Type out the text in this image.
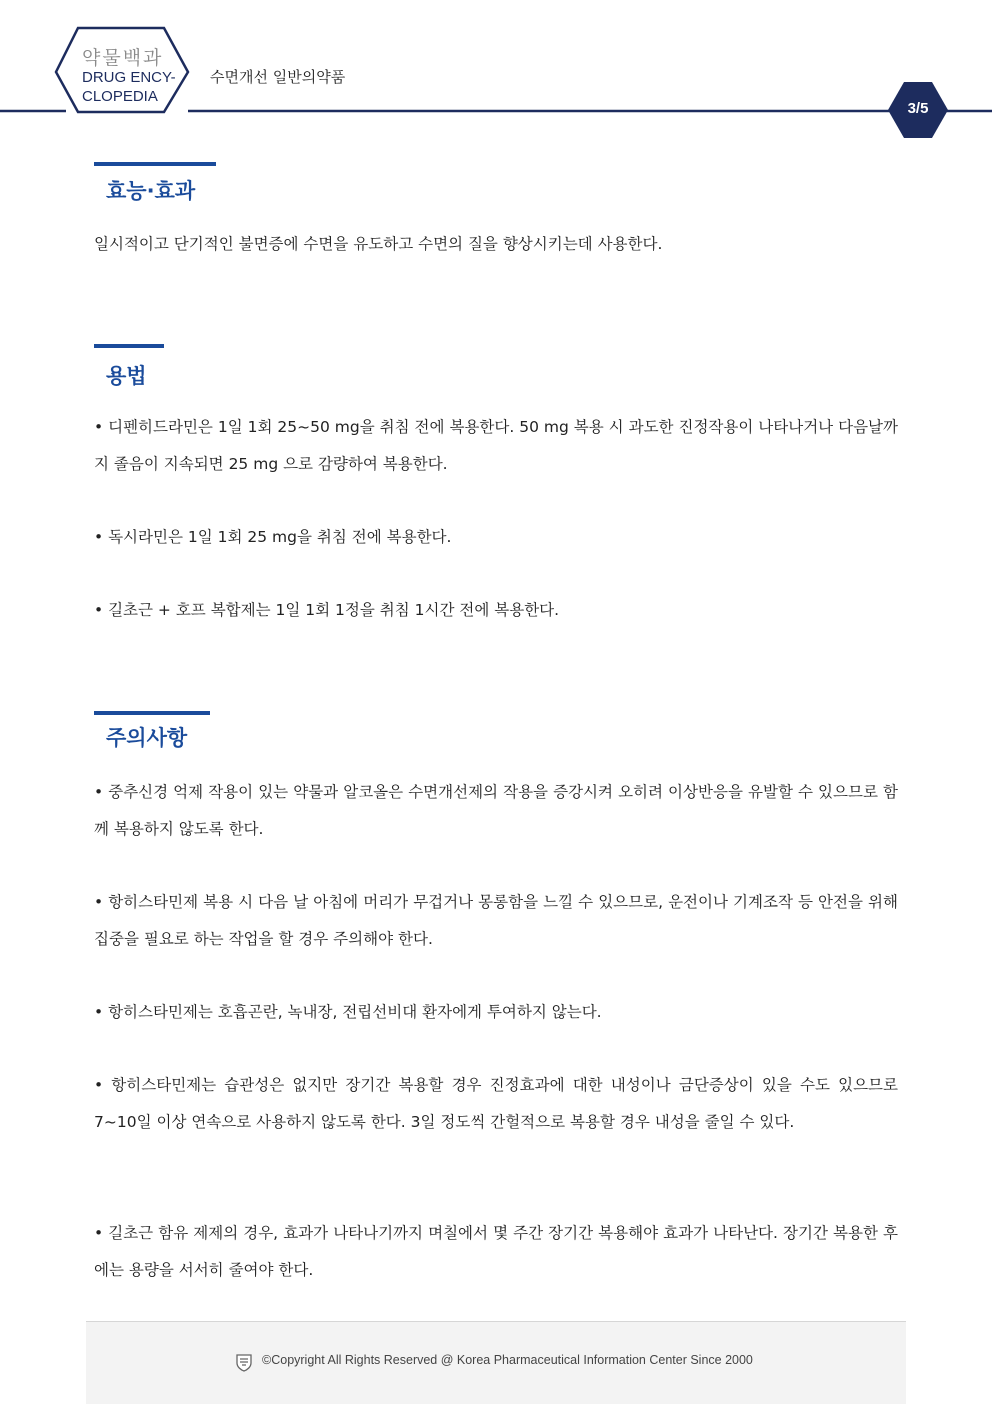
약물백과
DRUG ENCY-
CLOPEDIA
수면개선 일반의약품
3/5
효능·효과
일시적이고 단기적인 불면증에 수면을 유도하고 수면의 질을 향상시키는데 사용한다.
용법
• 디펜히드라민은 1일 1회 25~50 mg을 취침 전에 복용한다. 50 mg 복용 시 과도한 진정작용이 나타나거나 다음날까지 졸음이 지속되면 25 mg 으로 감량하여 복용한다.
• 독시라민은 1일 1회 25 mg을 취침 전에 복용한다.
• 길초근 + 호프 복합제는 1일 1회 1정을 취침 1시간 전에 복용한다.
주의사항
• 중추신경 억제 작용이 있는 약물과 알코올은 수면개선제의 작용을 증강시켜 오히려 이상반응을 유발할 수 있으므로 함께 복용하지 않도록 한다.
• 항히스타민제 복용 시 다음 날 아침에 머리가 무겁거나 몽롱함을 느낄 수 있으므로, 운전이나 기계조작 등 안전을 위해 집중을 필요로 하는 작업을 할 경우 주의해야 한다.
• 항히스타민제는 호흡곤란, 녹내장, 전립선비대 환자에게 투여하지 않는다.
• 항히스타민제는 습관성은 없지만 장기간 복용할 경우 진정효과에 대한 내성이나 금단증상이 있을 수도 있으므로 7~10일 이상 연속으로 사용하지 않도록 한다. 3일 정도씩 간헐적으로 복용할 경우 내성을 줄일 수 있다.
• 길초근 함유 제제의 경우, 효과가 나타나기까지 며칠에서 몇 주간 장기간 복용해야 효과가 나타난다. 장기간 복용한 후에는 용량을 서서히 줄여야 한다.
©Copyright All Rights Reserved @ Korea Pharmaceutical Information Center Since 2000
